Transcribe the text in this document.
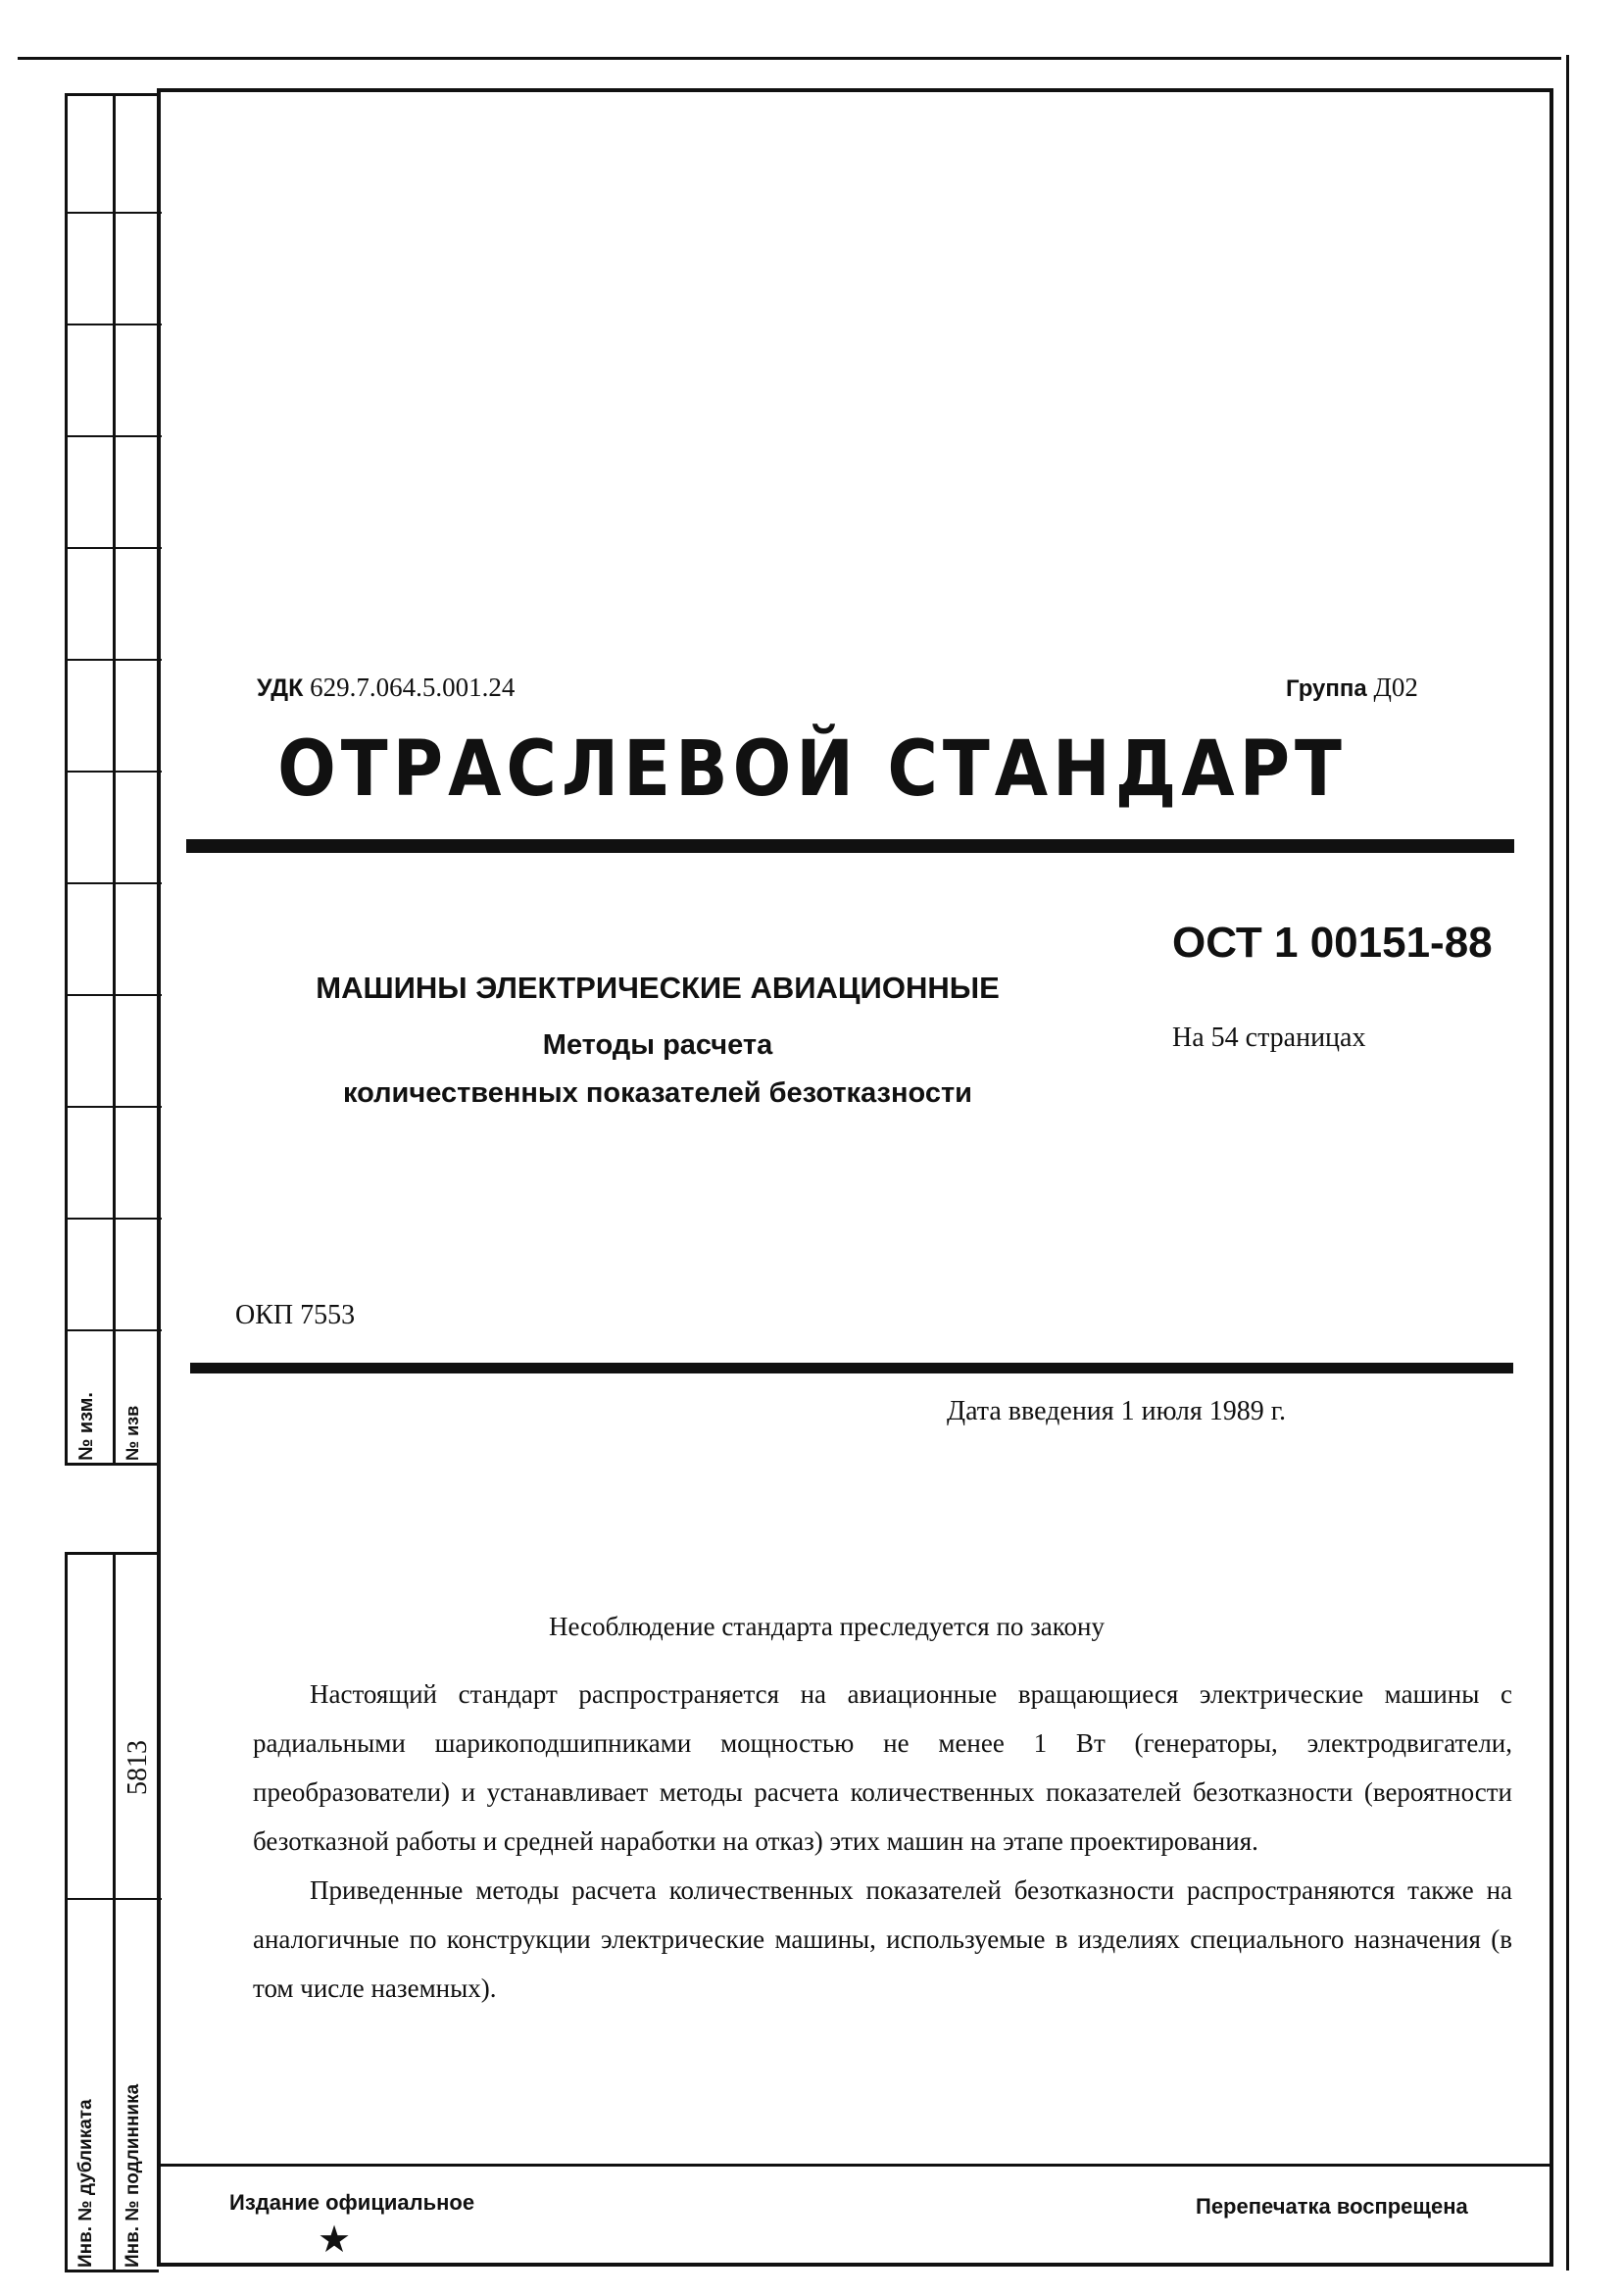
№ изм. № изв
5813
Инв. № дубликата Инв. № подлинника
УДК 629.7.064.5.001.24	Группа Д02
ОТРАСЛЕВОЙ СТАНДАРТ
ОСТ 1 00151-88
На 54 страницах
МАШИНЫ ЭЛЕКТРИЧЕСКИЕ АВИАЦИОННЫЕ
Методы расчета
количественных показателей безотказности
ОКП 7553
Дата введения 1 июля 1989 г.
Несоблюдение стандарта преследуется по закону

Настоящий стандарт распространяется на авиационные вращающиеся электрические машины с радиальными шарикоподшипниками мощностью не менее 1 Вт (генераторы, электродвигатели, преобразователи) и устанавливает методы расчета количественных показателей безотказности (вероятности безотказной работы и средней наработки на отказ) этих машин на этапе проектирования.

Приведенные методы расчета количественных показателей безотказности распространяются также на аналогичные по конструкции электрические машины, используемые в изделиях специального назначения (в том числе наземных).

Издание официальное
★
Перепечатка воспрещена
